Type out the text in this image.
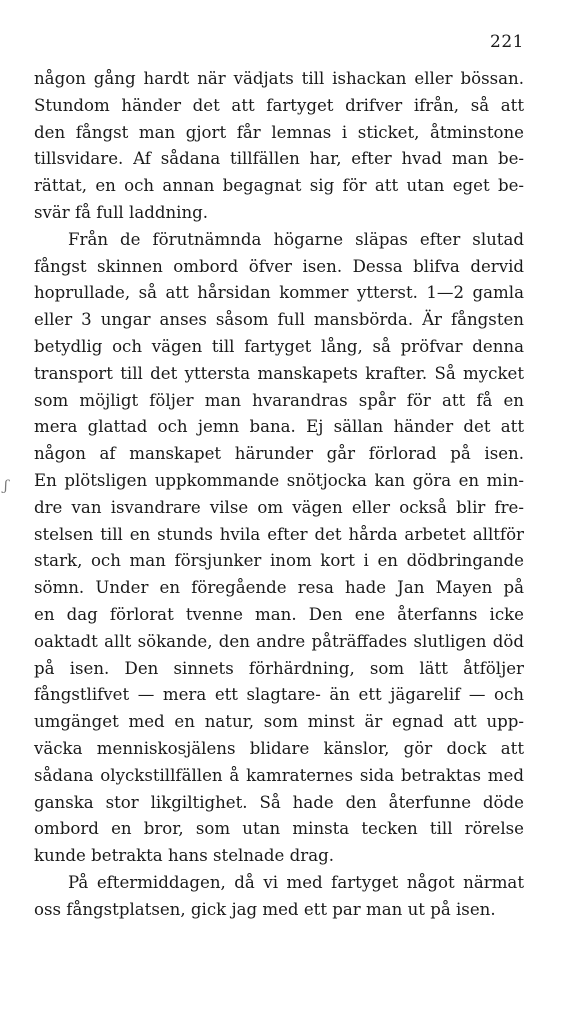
221
ʃ
någon gång hardt när vädjats till ishackan eller bössan.
Stundom händer det att fartyget drifver ifrån, så att
den fångst man gjort får lemnas i sticket, åtminstone
tillsvidare. Af sådana tillfällen har, efter hvad man be-
rättat, en och annan begagnat sig för att utan eget be-
svär få full laddning.
Från de förutnämnda högarne släpas efter slutad
fångst skinnen ombord öfver isen. Dessa blifva dervid
hoprullade, så att hårsidan kommer ytterst. 1—2 gamla
eller 3 ungar anses såsom full mansbörda. Är fångsten
betydlig och vägen till fartyget lång, så pröfvar denna
transport till det yttersta manskapets krafter. Så mycket
som möjligt följer man hvarandras spår för att få en
mera glattad och jemn bana. Ej sällan händer det att
någon af manskapet härunder går förlorad på isen.
En plötsligen uppkommande snötjocka kan göra en min-
dre van isvandrare vilse om vägen eller också blir fre-
stelsen till en stunds hvila efter det hårda arbetet alltför
stark, och man försjunker inom kort i en dödbringande
sömn. Under en föregående resa hade Jan Mayen på
en dag förlorat tvenne man. Den ene återfanns icke
oaktadt allt sökande, den andre påträffades slutligen död
på isen. Den sinnets förhärdning, som lätt åtföljer
fångstlifvet — mera ett slagtare- än ett jägarelif — och
umgänget med en natur, som minst är egnad att upp-
väcka menniskosjälens blidare känslor, gör dock att
sådana olyckstillfällen å kamraternes sida betraktas med
ganska stor likgiltighet. Så hade den återfunne döde
ombord en bror, som utan minsta tecken till rörelse
kunde betrakta hans stelnade drag.
På eftermiddagen, då vi med fartyget något närmat
oss fångstplatsen, gick jag med ett par man ut på isen.
